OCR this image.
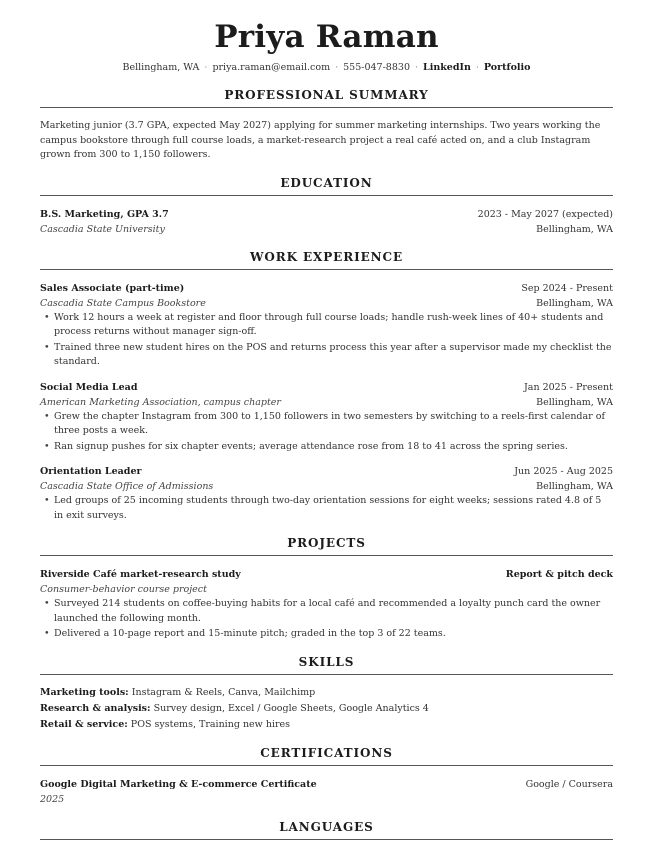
Priya Raman
Bellingham, WA · priya.raman@email.com · 555-047-8830 · LinkedIn · Portfolio
PROFESSIONAL SUMMARY
Marketing junior (3.7 GPA, expected May 2027) applying for summer marketing internships. Two years working the campus bookstore through full course loads, a market-research project a real café acted on, and a club Instagram grown from 300 to 1,150 followers.
EDUCATION
B.S. Marketing, GPA 3.7	2023 - May 2027 (expected)
Cascadia State University	Bellingham, WA
WORK EXPERIENCE
Sales Associate (part-time)	Sep 2024 - Present
Cascadia State Campus Bookstore	Bellingham, WA
• Work 12 hours a week at register and floor through full course loads; handle rush-week lines of 40+ students and process returns without manager sign-off.
• Trained three new student hires on the POS and returns process this year after a supervisor made my checklist the standard.
Social Media Lead	Jan 2025 - Present
American Marketing Association, campus chapter	Bellingham, WA
• Grew the chapter Instagram from 300 to 1,150 followers in two semesters by switching to a reels-first calendar of three posts a week.
• Ran signup pushes for six chapter events; average attendance rose from 18 to 41 across the spring series.
Orientation Leader	Jun 2025 - Aug 2025
Cascadia State Office of Admissions	Bellingham, WA
• Led groups of 25 incoming students through two-day orientation sessions for eight weeks; sessions rated 4.8 of 5 in exit surveys.
PROJECTS
Riverside Café market-research study	Report & pitch deck
Consumer-behavior course project
• Surveyed 214 students on coffee-buying habits for a local café and recommended a loyalty punch card the owner launched the following month.
• Delivered a 10-page report and 15-minute pitch; graded in the top 3 of 22 teams.
SKILLS
Marketing tools: Instagram & Reels, Canva, Mailchimp
Research & analysis: Survey design, Excel / Google Sheets, Google Analytics 4
Retail & service: POS systems, Training new hires
CERTIFICATIONS
Google Digital Marketing & E-commerce Certificate	Google / Coursera
2025
LANGUAGES
